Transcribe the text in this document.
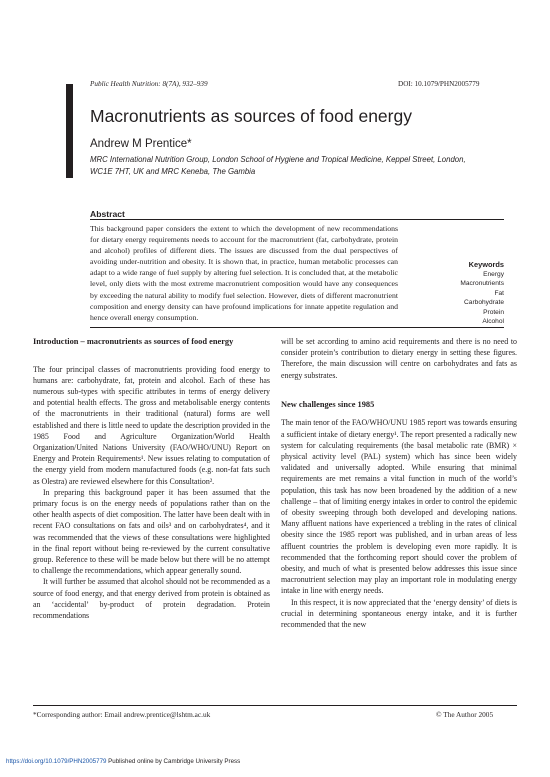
Public Health Nutrition: 8(7A), 932–939	DOI: 10.1079/PHN2005779
Macronutrients as sources of food energy
Andrew M Prentice*
MRC International Nutrition Group, London School of Hygiene and Tropical Medicine, Keppel Street, London,
WC1E 7HT, UK and MRC Keneba, The Gambia
Abstract
This background paper considers the extent to which the development of new recommendations for dietary energy requirements needs to account for the macronutrient (fat, carbohydrate, protein and alcohol) profiles of different diets. The issues are discussed from the dual perspectives of avoiding under-nutrition and obesity. It is shown that, in practice, human metabolic processes can adapt to a wide range of fuel supply by altering fuel selection. It is concluded that, at the metabolic level, only diets with the most extreme macronutrient composition would have any consequences by exceeding the natural ability to modify fuel selection. However, diets of different macronutrient composition and energy density can have profound implications for innate appetite regulation and hence overall energy consumption.
Keywords
Energy
Macronutrients
Fat
Carbohydrate
Protein
Alcohol
Introduction – macronutrients as sources of food energy

The four principal classes of macronutrients providing food energy to humans are: carbohydrate, fat, protein and alcohol. Each of these has numerous sub-types with specific attributes in terms of energy delivery and potential health effects. The gross and metabolisable energy contents of the macronutrients in their traditional (natural) forms are well established and there is little need to update the description provided in the 1985 Food and Agriculture Organization/World Health Organization/United Nations University (FAO/WHO/UNU) Report on Energy and Protein Requirements¹. New issues relating to computation of the energy yield from modern manufactured foods (e.g. non-fat fats such as Olestra) are reviewed elsewhere for this Consultation².

In preparing this background paper it has been assumed that the primary focus is on the energy needs of populations rather than on the other health aspects of diet composition. The latter have been dealt with in recent FAO consultations on fats and oils³ and on carbohydrates⁴, and it was recommended that the views of these consultations were highlighted in the final report without being re-reviewed by the current consultative group. Reference to these will be made below but there will be no attempt to challenge the recommendations, which appear generally sound.

It will further be assumed that alcohol should not be recommended as a source of food energy, and that energy derived from protein is obtained as an ‘accidental’ by-product of protein degradation. Protein recommendations

will be set according to amino acid requirements and there is no need to consider protein’s contribution to dietary energy in setting these figures. Therefore, the main discussion will centre on carbohydrates and fats as energy substrates.

New challenges since 1985

The main tenor of the FAO/WHO/UNU 1985 report was towards ensuring a sufficient intake of dietary energy¹. The report presented a radically new system for calculating requirements (the basal metabolic rate (BMR) × physical activity level (PAL) system) which has since been widely validated and universally adopted. While ensuring that minimal requirements are met remains a vital function in much of the world’s population, this task has now been broadened by the addition of a new challenge – that of limiting energy intakes in order to control the epidemic of obesity sweeping through both developed and developing nations. Many affluent nations have experienced a trebling in the rates of clinical obesity since the 1985 report was published, and in urban areas of less affluent countries the problem is developing even more rapidly. It is recommended that the forthcoming report should cover the problem of obesity, and much of what is presented below addresses this issue since macronutrient selection may play an important role in modulating energy intake in line with energy needs.

In this respect, it is now appreciated that the ‘energy density’ of diets is crucial in determining spontaneous energy intake, and it is further recommended that the new

*Corresponding author: Email andrew.prentice@lshtm.ac.uk	© The Author 2005
https://doi.org/10.1079/PHN2005779 Published online by Cambridge University Press
